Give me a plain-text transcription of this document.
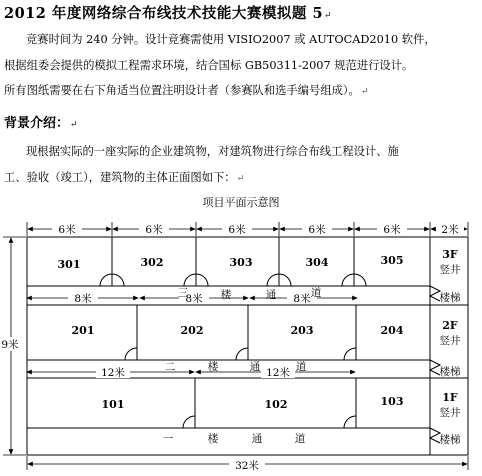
2012 年度网络综合布线技术技能大赛模拟题 5↵
竞赛时间为 240 分钟。设计竞赛需使用 VISIO2007 或 AUTOCAD2010 软件，
根据组委会提供的模拟工程需求环境，结合国标 GB50311-2007 规范进行设计。
所有图纸需要在右下角适当位置注明设计者（参赛队和选手编号组成）。↵
背景介绍：↵
现根据实际的一座实际的企业建筑物，对建筑物进行综合布线工程设计、施
工、验收（竣工），建筑物的主体正面图如下：↵
项目平面示意图
6米	6米	6米	6米	6米	2米
8米	8米	8米
12米	12米
9米
32米
301	302	303	304	305
201	202	203	204
101	102	103
3F
竖井
2F
竖井
1F
竖井
楼梯
楼梯
楼梯
三	楼	通	道
二	楼	通	道
一	楼	通	道
